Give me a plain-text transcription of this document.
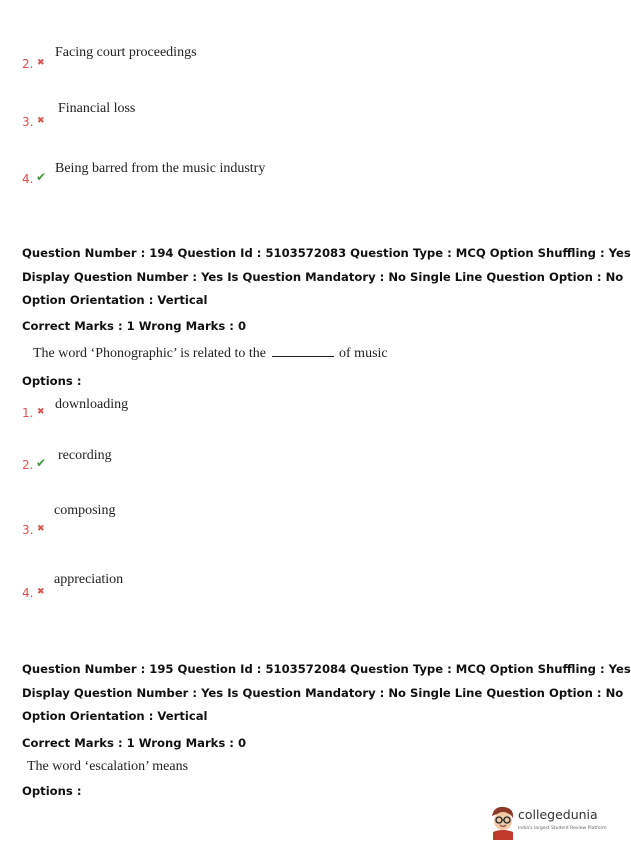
2. ✖
Facing court proceedings
3. ✖
Financial loss
4. ✔
Being barred from the music industry
Question Number : 194 Question Id : 5103572083 Question Type : MCQ Option Shuffling : Yes
Display Question Number : Yes Is Question Mandatory : No Single Line Question Option : No
Option Orientation : Vertical
Correct Marks : 1 Wrong Marks : 0
The word ‘Phonographic’ is related to the	of music
Options :
1. ✖ downloading
2. ✔ recording
composing
3. ✖
appreciation
4. ✖
Question Number : 195 Question Id : 5103572084 Question Type : MCQ Option Shuffling : Yes
Display Question Number : Yes Is Question Mandatory : No Single Line Question Option : No
Option Orientation : Vertical
Correct Marks : 1 Wrong Marks : 0
The word ‘escalation’ means
Options :
collegedunia
India's largest Student Review Platform
